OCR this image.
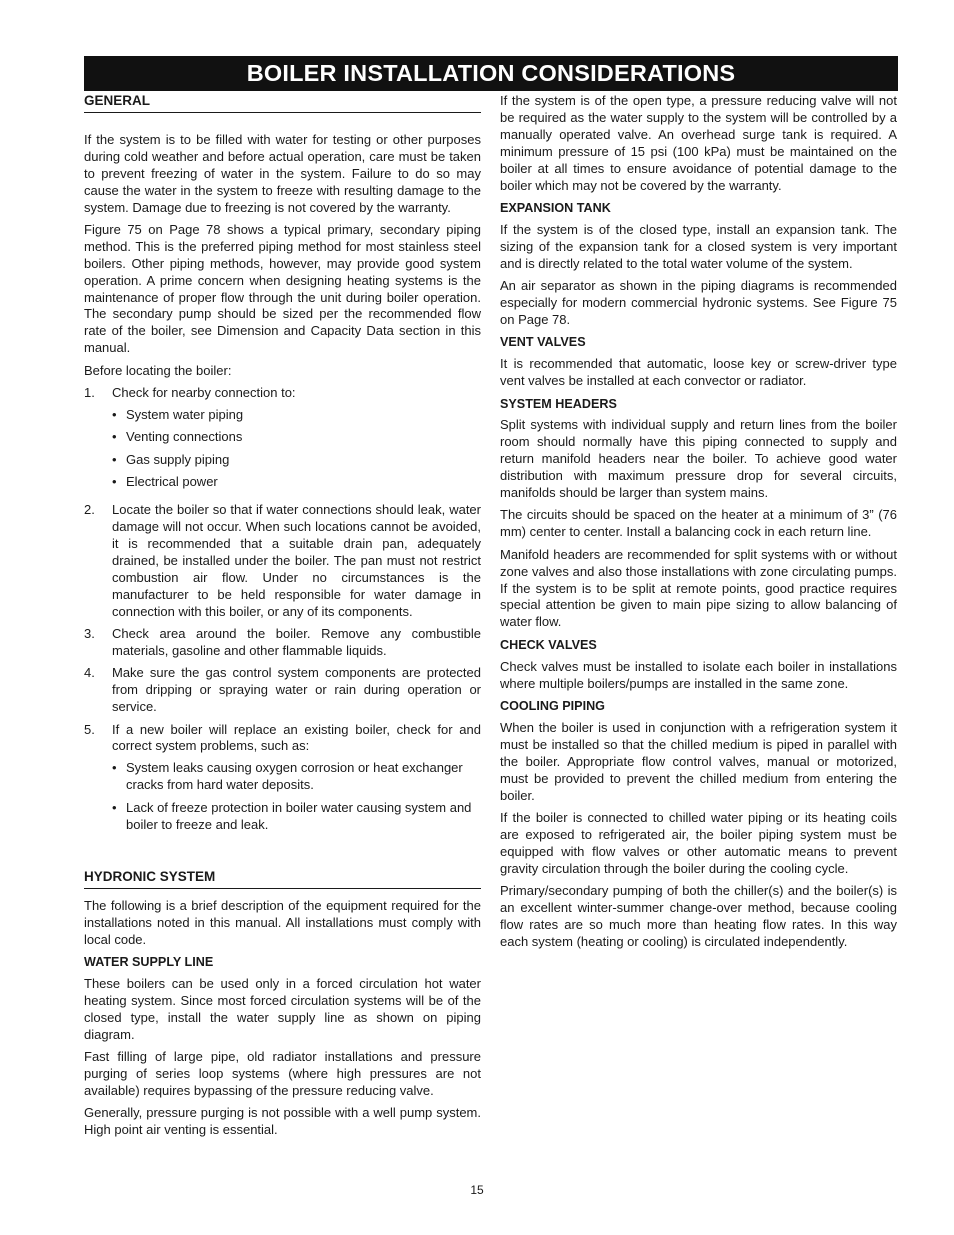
BOILER INSTALLATION CONSIDERATIONS
GENERAL

If the system is to be filled with water for testing or other purposes during cold weather and before actual operation, care must be taken to prevent freezing of water in the system. Failure to do so may cause the water in the system to freeze with resulting damage to the system. Damage due to freezing is not covered by the warranty.

Figure 75 on Page 78 shows a typical primary, secondary piping method. This is the preferred piping method for most stainless steel boilers. Other piping methods, however, may provide good system operation. A prime concern when designing heating systems is the maintenance of proper flow through the unit during boiler operation. The secondary pump should be sized per the recommended flow rate of the boiler, see Dimension and Capacity Data section in this manual.

Before locating the boiler:

1.	Check for nearby connection to:
• System water piping
• Venting connections
• Gas supply piping
• Electrical power
2.	Locate the boiler so that if water connections should leak, water damage will not occur. When such locations cannot be avoided, it is recommended that a suitable drain pan, adequately drained, be installed under the boiler. The pan must not restrict combustion air flow. Under no circumstances is the manufacturer to be held responsible for water damage in connection with this boiler, or any of its components.
3.	Check area around the boiler. Remove any combustible materials, gasoline and other flammable liquids.
4.	Make sure the gas control system components are protected from dripping or spraying water or rain during operation or service.
5.	If a new boiler will replace an existing boiler, check for and correct system problems, such as:
• System leaks causing oxygen corrosion or heat exchanger cracks from hard water deposits.
• Lack of freeze protection in boiler water causing system and boiler to freeze and leak.
HYDRONIC SYSTEM

The following is a brief description of the equipment required for the installations noted in this manual. All installations must comply with local code.

WATER SUPPLY LINE

These boilers can be used only in a forced circulation hot water heating system. Since most forced circulation systems will be of the closed type, install the water supply line as shown on piping diagram.

Fast filling of large pipe, old radiator installations and pressure purging of series loop systems (where high pressures are not available) requires bypassing of the pressure reducing valve.

Generally, pressure purging is not possible with a well pump system. High point air venting is essential.

If the system is of the open type, a pressure reducing valve will not be required as the water supply to the system will be controlled by a manually operated valve. An overhead surge tank is required. A minimum pressure of 15 psi (100 kPa) must be maintained on the boiler at all times to ensure avoidance of potential damage to the boiler which may not be covered by the warranty.

EXPANSION TANK

If the system is of the closed type, install an expansion tank. The sizing of the expansion tank for a closed system is very important and is directly related to the total water volume of the system.

An air separator as shown in the piping diagrams is recommended especially for modern commercial hydronic systems. See Figure 75 on Page 78.

VENT VALVES

It is recommended that automatic, loose key or screw-driver type vent valves be installed at each convector or radiator.

SYSTEM HEADERS

Split systems with individual supply and return lines from the boiler room should normally have this piping connected to supply and return manifold headers near the boiler. To achieve good water distribution with maximum pressure drop for several circuits, manifolds should be larger than system mains.

The circuits should be spaced on the heater at a minimum of 3” (76 mm) center to center. Install a balancing cock in each return line.

Manifold headers are recommended for split systems with or without zone valves and also those installations with zone circulating pumps. If the system is to be split at remote points, good practice requires special attention be given to main pipe sizing to allow balancing of water flow.

CHECK VALVES

Check valves must be installed to isolate each boiler in installations where multiple boilers/pumps are installed in the same zone.

COOLING PIPING

When the boiler is used in conjunction with a refrigeration system it must be installed so that the chilled medium is piped in parallel with the boiler. Appropriate flow control valves, manual or motorized, must be provided to prevent the chilled medium from entering the boiler.

If the boiler is connected to chilled water piping or its heating coils are exposed to refrigerated air, the boiler piping system must be equipped with flow valves or other automatic means to prevent gravity circulation through the boiler during the cooling cycle.

Primary/secondary pumping of both the chiller(s) and the boiler(s) is an excellent winter-summer change-over method, because cooling flow rates are so much more than heating flow rates. In this way each system (heating or cooling) is circulated independently.

15
